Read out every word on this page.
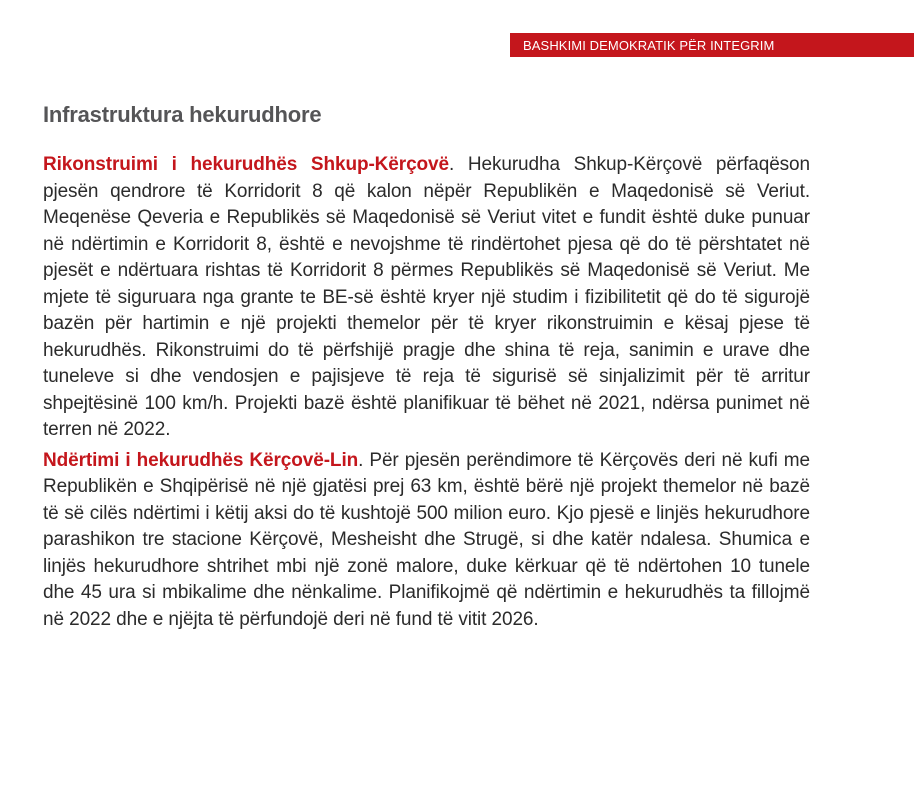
BASHKIMI DEMOKRATIK PËR INTEGRIM
Infrastruktura hekurudhore

Rikonstruimi i hekurudhës Shkup-Kërçovë. Hekurudha Shkup-Kërçovë përfaqëson pjesën qendrore të Korridorit 8 që kalon nëpër Republikën e Maqedonisë së Veriut. Meqenëse Qeveria e Republikës së Maqedonisë së Veriut vitet e fundit është duke punuar në ndërtimin e Korridorit 8, është e nevojshme të rindërtohet pjesa që do të përshtatet në pjesët e ndërtuara rishtas të Korridorit 8 përmes Republikës së Maqedonisë së Veriut. Me mjete të siguruara nga grante te BE-së është kryer një studim i fizibilitetit që do të sigurojë bazën për hartimin e një projekti themelor për të kryer rikonstruimin e kësaj pjese të hekurudhës. Rikonstruimi do të përfshijë pragje dhe shina të reja, sanimin e urave dhe tuneleve si dhe vendosjen e pajisjeve të reja të sigurisë së sinjalizimit për të arritur shpejtësinë 100 km/h. Projekti bazë është planifikuar të bëhet në 2021, ndërsa punimet në terren në 2022.

Ndërtimi i hekurudhës Kërçovë-Lin. Për pjesën perëndimore të Kërçovës deri në kufi me Republikën e Shqipërisë në një gjatësi prej 63 km, është bërë një projekt themelor në bazë të së cilës ndërtimi i këtij aksi do të kushtojë 500 milion euro. Kjo pjesë e linjës hekurudhore parashikon tre stacione Kërçovë, Mesheisht dhe Strugë, si dhe katër ndalesa. Shumica e linjës hekurudhore shtrihet mbi një zonë malore, duke kërkuar që të ndërtohen 10 tunele dhe 45 ura si mbikalime dhe nënkalime. Planifikojmë që ndërtimin e hekurudhës ta fillojmë në 2022 dhe e njëjta të përfundojë deri në fund të vitit 2026.
